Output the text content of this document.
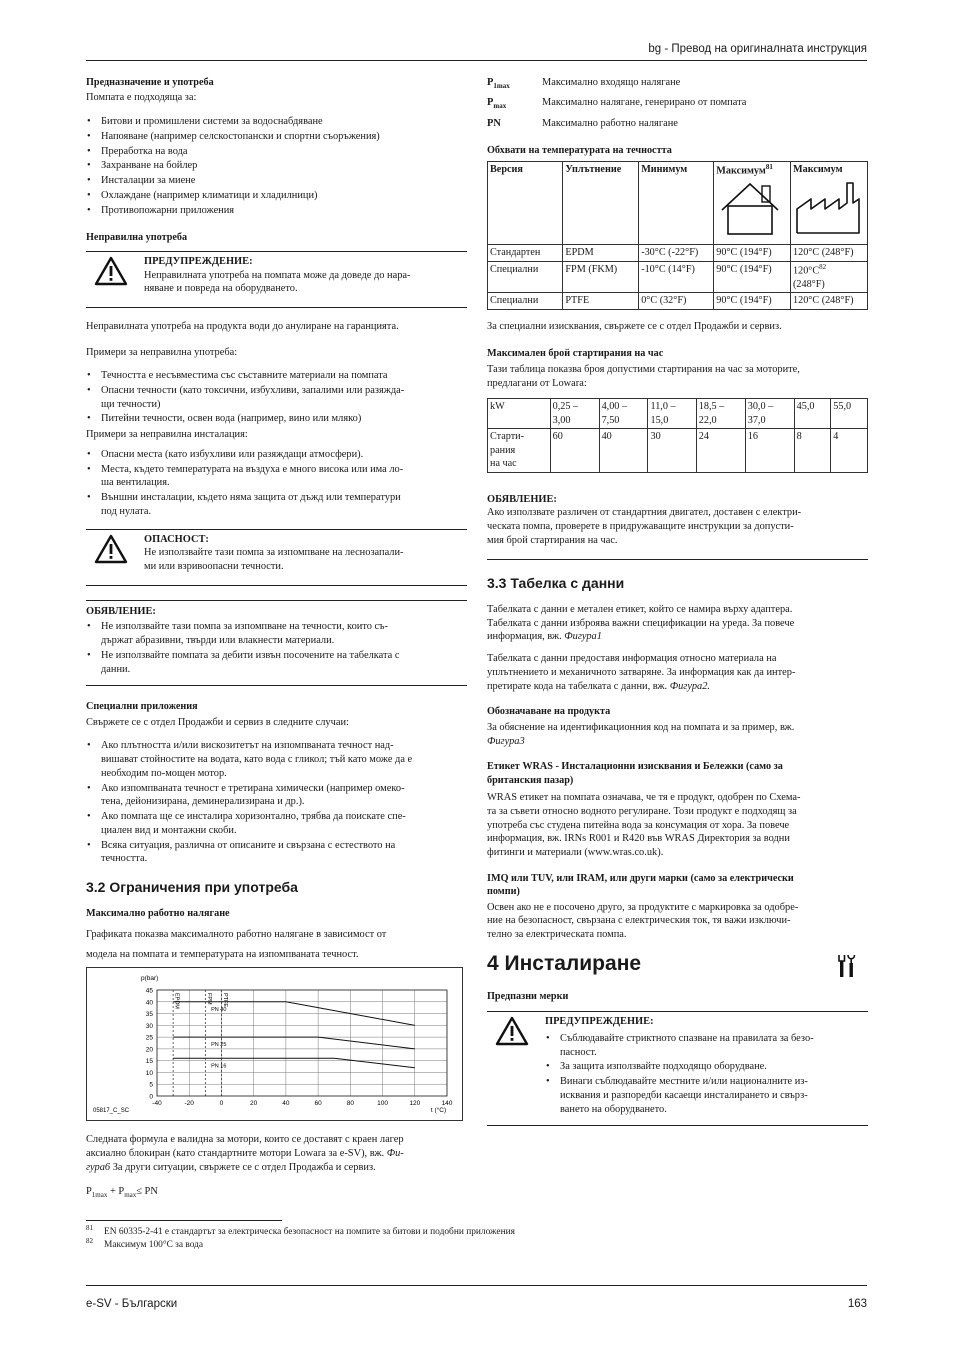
bg - Превод на оригиналната инструкция
Предназначение и употреба

Помпата е подходяща за:

• Битови и промишлени системи за водоснабдяване
• Напояване (например селскостопански и спортни съоръжения)
• Преработка на вода
• Захранване на бойлер
• Инсталации за миене
• Охлаждане (например климатици и хладилници)
• Противопожарни приложения
Неправилна употреба
ПРЕДУПРЕЖДЕНИЕ:
Неправилната употреба на помпата може да доведе до нара-
няване и повреда на оборудването.

Неправилната употреба на продукта води до анулиране на гаранцията.

Примери за неправилна употреба:

• Течността е несъвместима със съставните материали на помпата
• Опасни течности (като токсични, избухливи, запалими или разяжда-
щи течности)
• Питейни течности, освен вода (например, вино или мляко)

Примери за неправилна инсталация:

• Опасни места (като избухливи или разяждащи атмосфери).
• Места, където температурата на въздуха е много висока или има ло-
ша вентилация.
• Външни инсталации, където няма защита от дъжд или температури
под нулата.
ОПАСНОСТ:
Не използвайте тази помпа за изпомпване на леснозапали-
ми или взривоопасни течности.
ОБЯВЛЕНИЕ:
• Не използвайте тази помпа за изпомпване на течности, които съ-
държат абразивни, твърди или влакнести материали.
• Не използвайте помпата за дебити извън посочените на табелката с
данни.
Специални приложения

Свържете се с отдел Продажби и сервиз в следните случаи:

• Ако плътността и/или вискозитетът на изпомпваната течност над-
вишават стойностите на водата, като вода с гликол; тъй като може да е
необходим по-мощен мотор.
• Ако изпомпваната течност е третирана химически (например омеко-
тена, дейонизирана, деминерализирана и др.).
• Ако помпата ще се инсталира хоризонтално, трябва да поискате спе-
циален вид и монтажни скоби.
• Всяка ситуация, различна от описаните и свързана с естеството на
течността.
3.2 Ограничения при употреба
Максимално работно налягане

Графиката показва максималното работно налягане в зависимост от

модела на помпата и температурата на изпомпваната течност.

0
5
10
15
20
25
30
35
40
45
-40	-20	0	20	40	60	80	100	120	140
EPDM	FPM PTFE
PN 40
PN 25
PN 16
p(bar)
t (°C)
05817_C_SC

Следната формула е валидна за мотори, които се доставят с краен лагер
аксиално блокиран (като стандартните мотори Lowara за e-SV), вж. Фи-
гура6 За други ситуации, свържете се с отдел Продажба и сервиз.

$P_{1max} + P_{max}\le$ PN

$P_{1max}$	Максимално входящо налягане
$P_{max}$	Максимално налягане, генерирано от помпата
PN	Максимално работно налягане
Обхвати на температурата на течността
Версия	Уплътнение	Минимум	Максимум$^{81}$	Максимум

Стандартен	EPDM	-30°C (-22°F)	90°C (194°F)	120°C (248°F)
Специални	FPM (FKM)	-10°C (14°F)	90°C (194°F)	$120^\circ C^{82}$
(248°F)
Специални	PTFE	0°C (32°F)	90°C (194°F)	120°C (248°F)

За специални изисквания, свържете се с отдел Продажби и сервиз.

Максимален брой стартирания на час

Тази таблица показва броя допустими стартирания на час за моторите,
предлагани от Lowara:

kW	0,25 –
3,00	4,00 –
7,50	11,0 –
15,0	18,5 –
22,0	30,0 –
37,0	45,0	55,0
Старти-
рания
на час	60	40	30	24	16	8	4
ОБЯВЛЕНИЕ:
Ако използвате различен от стандартния двигател, доставен с електри-
ческата помпа, проверете в придружаващите инструкции за допусти-
мия брой стартирания на час.
3.3 Табелка с данни

Табелката с данни е метален етикет, който се намира върху адаптера.
Табелката с данни изброява важни спецификации на уреда. За повече
информация, вж. Фигура1

Табелката с данни предоставя информация относно материала на
уплътнението и механичното затваряне. За информация как да интер-
претирате кода на табелката с данни, вж. Фигура2.

Обозначаване на продукта

За обяснение на идентификационния код на помпата и за пример, вж.
Фигура3

Етикет WRAS - Инсталационни изисквания и Бележки (само за
британския пазар)

WRAS етикет на помпата означава, че тя е продукт, одобрен по Схема-
та за съвети относно водното регулиране. Този продукт е подходящ за
употреба със студена питейна вода за консумация от хора. За повече
информация, вж. IRNs R001 и R420 във WRAS Директория за водни
фитинги и материали (www.wras.co.uk).

IMQ или TUV, или IRAM, или други марки (само за електрически
помпи)

Освен ако не е посочено друго, за продуктите с маркировка за одобре-
ние на безопасност, свързана с електрическия ток, тя важи изключи-
телно за електрическата помпа.

4 Инсталиране
Предпазни мерки
ПРЕДУПРЕЖДЕНИЕ:
• Съблюдавайте стриктното спазване на правилата за безо-
пасност.
• За защита използвайте подходящо оборудване.
• Винаги съблюдавайте местните и/или националните из-
исквания и разпоредби касаещи инсталирането и свърз-
ването на оборудването.
81 EN 60335-2-41 е стандартът за електрическа безопасност на помпите за битови и подобни приложения
82 Максимум 100°C за вода
e-SV - Български	163
